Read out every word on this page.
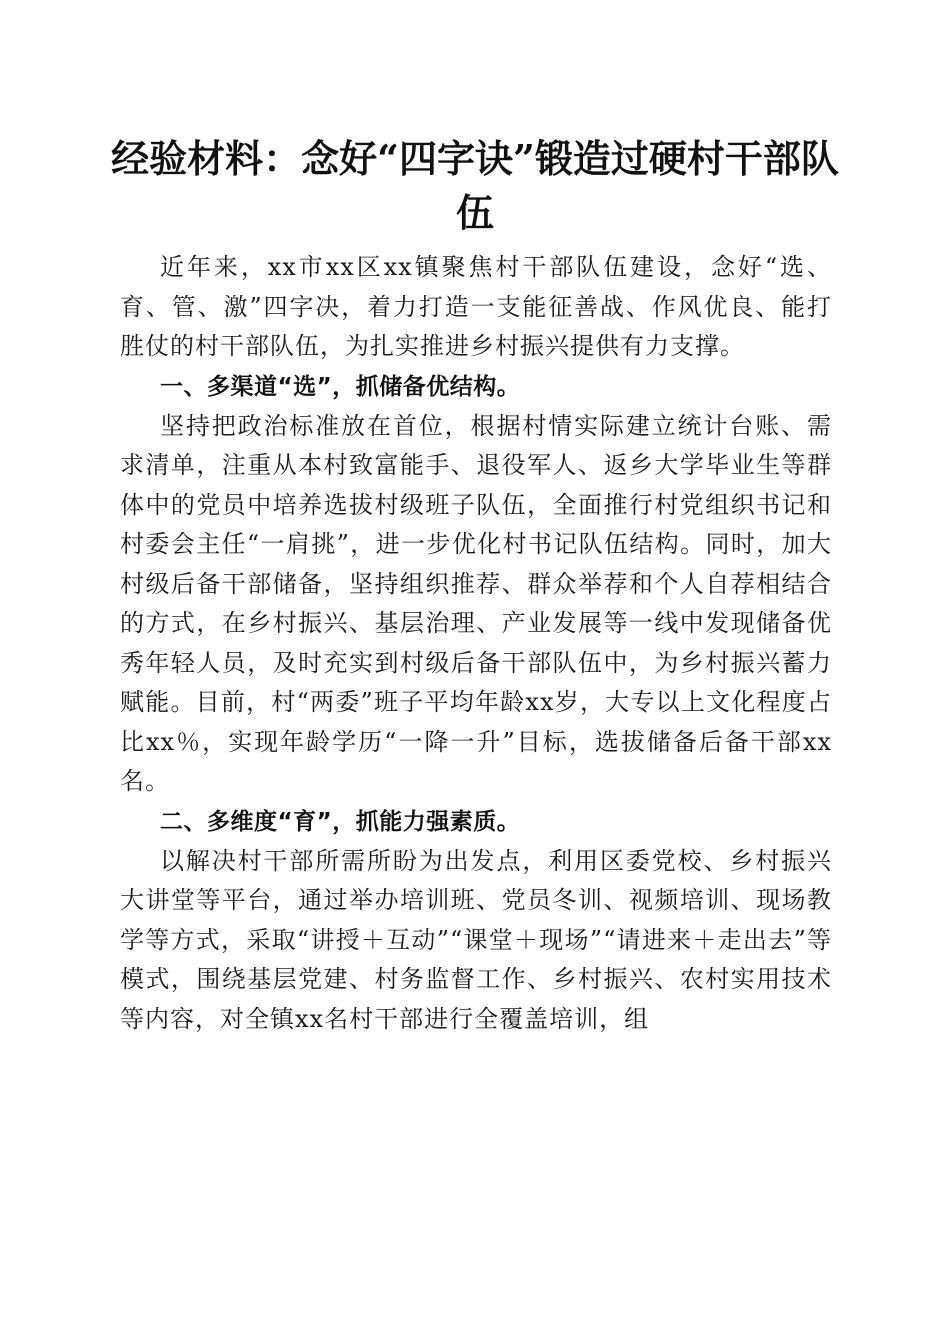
经验材料：念好“四字诀”锻造过硬村干部队伍

近年来，xx市xx区xx镇聚焦村干部队伍建设，念好“选、育、管、激”四字决，着力打造一支能征善战、作风优良、能打胜仗的村干部队伍，为扎实推进乡村振兴提供有力支撑。

一、多渠道“选”，抓储备优结构。

坚持把政治标准放在首位，根据村情实际建立统计台账、需求清单，注重从本村致富能手、退役军人、返乡大学毕业生等群体中的党员中培养选拔村级班子队伍，全面推行村党组织书记和村委会主任“一肩挑”，进一步优化村书记队伍结构。同时，加大村级后备干部储备，坚持组织推荐、群众举荐和个人自荐相结合的方式，在乡村振兴、基层治理、产业发展等一线中发现储备优秀年轻人员，及时充实到村级后备干部队伍中，为乡村振兴蓄力赋能。目前，村“两委”班子平均年龄xx岁，大专以上文化程度占比xx％，实现年龄学历“一降一升”目标，选拔储备后备干部xx名。

二、多维度“育”，抓能力强素质。

以解决村干部所需所盼为出发点，利用区委党校、乡村振兴大讲堂等平台，通过举办培训班、党员冬训、视频培训、现场教学等方式，采取“讲授＋互动”“课堂＋现场”“请进来＋走出去”等模式，围绕基层党建、村务监督工作、乡村振兴、农村实用技术等内容，对全镇xx名村干部进行全覆盖培训，组
